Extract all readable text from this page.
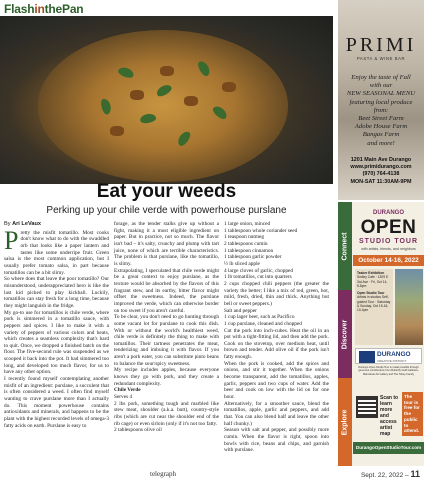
FlashinthePan
Eat your weeds
Perking up your chile verde with powerhouse purslane
By Ari LeVaux
P retty the misfit tomatillo. Most cooks don't know what to do with the swaddled orb that looks like a paper lantern and tastes like some underripe fruit. Green salsa is the most common application, but I usually prefer tomato salsa, in part because tomatillos can be a bit slimy.

So where does that leave the poor tomatillo? Our misunderstood, underappreciated hero is like the last kid picked to play kickball. Luckily, tomatillos can stay fresh for a long time, because they might languish in the fridge.

My go-to use for tomatillos is chile verde, where pork is simmered in a tomatillo sauce, with peppers and spices. I like to make it with a variety of peppers of various colors and heats, which creates a seamless complexity that's hard to quit. Once, we dropped a finished batch on the floor. The five-second rule was suspended as we scooped it back into the pot. It had simmered too long, and developed too much flavor, for us to have any other option.

I recently found myself contemplating another misfit of an ingredient: purslane, a succulent that is often considered a weed. I often find myself wanting to crave purslane more than I actually do. This moment powerhouse contains antioxidants and minerals, and happens to be the plant with the highest recorded levels of omega-3 fatty acids on earth. Purslane is easy to

forage, as the tender stalks give up without a fight, making it a most eligible ingredient on paper. But in practice, not so much. The flavor isn't bad – it's salty, crunchy and plump with tart juice, none of which are terrible characteristics. The problem is that purslane, like the tomatillo, is slimy.

Extrapolating, I speculated that chile verde might be a great context to enjoy purslane, as the texture would be absorbed by the flavors of this fragrant stew, and its earthy, bitter flavor might offset the sweetness. Indeed, the purslane improved the verde, which can otherwise border on too sweet if you aren't careful.

To be clear, you don't need to go hunting through some vacant lot for purslane to cook this dish. With or without the world's healthiest weed, chile verde is definitely the thing to make with tomatillos. Their tartness penetrates the meat, tenderizing and imbuing it with flavor. If you aren't a pork eater, you can substitute pinto beans to balance the sour/spicy sweetness.

My recipe includes apples, because everyone knows they go with pork, and they create a redundant complexity.

Chile Verde

Serves 4

2 lbs pork, something tough and marbled like stew meat, shoulder (a.k.a. butt), country-style ribs (which are cut near the shoulder end of the rib cage) or even sirloin (only if it's not too fatty.

2 tablespoons olive oil

1 large onion, minced

1 tablespoon whole coriander seed

1 teaspoon nutmeg

2 tablespoons cumin

1 tablespoon cinnamon

1 tablespoon garlic powder

½ lb sliced apple

4 large cloves of garlic, chopped

1 lb tomatillos, cut into quarters

2 cups chopped chili peppers (the greater the variety the better; I like a mix of red, green, hot, mild, fresh, dried, thin and thick. Anything but bell or sweet peppers.)

Salt and pepper

1 cup lager beer, such as Pacifico

1 cup purslane, cleaned and chopped

Cut the pork into inch-cubes. Heat the oil in an pot with a tight-fitting lid, and then add the pork. Cook on the stovetop, over medium heat, until brown and tender. Add olive oil if the pork isn't fatty enough.

When the pork is cooked, add the spices and onions, and stir it together. When the onions become transparent, add the tomatillos, apples, garlic, peppers and two cups of water. Add the beer and cook on low with the lid on for one hour.

Alternatively, for a smoother sauce, blend the tomatillos, apple, garlic and peppers, and add that. You can also blend half and leave the other half chunky.)

Season with salt and pepper, and possibly more cumin. When the flavor is right, spoon into bowls with rice, beans and chips, and garnish with purslane.

telegraph	Sept. 22, 2022 – 11
PRIMI
PASTA & WINE BAR
Enjoy the taste of Fall
with our
NEW SEASONAL MENU
featuring local produce
from:
Beet Street Farm
Adobe House Farm
Bangas Farm
and more!
1201 Main Ave Durango
www.primidurango.com
(970) 764-4138
MON-SAT 11:30AM-9PM
Connect
Discover
Explore
DURANGO
OPEN
STUDIO TOUR
with artists, friends, and neighbors
October 14-16, 2022
Tasker Exhibition
Smiley Cafe · 1309 E 3rd Ave · Fri, Oct 14, 5-8pm
Open Studio Tour
Artists in studios Self-guided Tour · Saturday & Sunday, Oct 15-16, 10-4pm
DURANGO
CREATIVE DISTRICT
Durango Open Studio Tour is made possible through generous contributions from Butterfly Gold Galleries, Mainstreet Art Gallery and The Tobey Family
Scan to learn more and access artist map
The tour is free for the public to attend.
DurangoOpenStudioTour.com
